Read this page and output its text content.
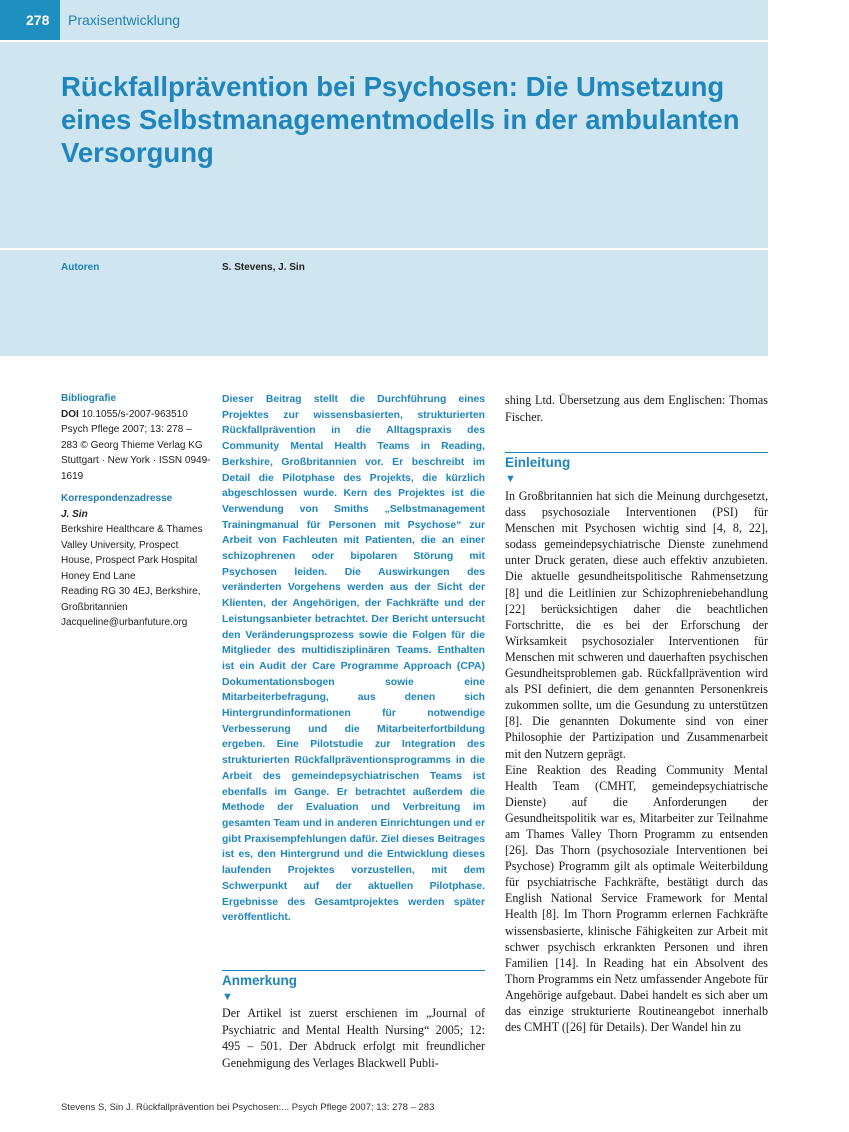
278	Praxisentwicklung
Rückfallprävention bei Psychosen: Die Umsetzung eines Selbstmanagementmodells in der ambulanten Versorgung
Autoren	S. Stevens, J. Sin
Bibliografie
DOI 10.1055/s-2007-963510
Psych Pflege 2007; 13: 278 – 283 © Georg Thieme Verlag KG Stuttgart · New York · ISSN 0949-1619
Korrespondenzadresse
J. Sin
Berkshire Healthcare & Thames Valley University, Prospect House, Prospect Park Hospital
Honey End Lane
Reading RG 30 4EJ, Berkshire, Großbritannien
Jacqueline@urbanfuture.org

Dieser Beitrag stellt die Durchführung eines Projektes zur wissensbasierten, strukturierten Rückfallprävention in die Alltagspraxis des Community Mental Health Teams in Reading, Berkshire, Großbritannien vor. Er beschreibt im Detail die Pilotphase des Projekts, die kürzlich abgeschlossen wurde. Kern des Projektes ist die Verwendung von Smiths „Selbstmanagement Trainingmanual für Personen mit Psychose“ zur Arbeit von Fachleuten mit Patienten, die an einer schizophrenen oder bipolaren Störung mit Psychosen leiden. Die Auswirkungen des veränderten Vorgehens werden aus der Sicht der Klienten, der Angehörigen, der Fachkräfte und der Leistungsanbieter betrachtet. Der Bericht untersucht den Veränderungsprozess sowie die Folgen für die Mitglieder des multidisziplinären Teams. Enthalten ist ein Audit der Care Programme Approach (CPA) Dokumentationsbogen sowie eine Mitarbeiterbefragung, aus denen sich Hintergrundinformationen für notwendige Verbesserung und die Mitarbeiterfortbildung ergeben. Eine Pilotstudie zur Integration des strukturierten Rückfallpräventionsprogramms in die Arbeit des gemeindepsychiatrischen Teams ist ebenfalls im Gange. Er betrachtet außerdem die Methode der Evaluation und Verbreitung im gesamten Team und in anderen Einrichtungen und er gibt Praxisempfehlungen dafür. Ziel dieses Beitrages ist es, den Hintergrund und die Entwicklung dieses laufenden Projektes vorzustellen, mit dem Schwerpunkt auf der aktuellen Pilotphase. Ergebnisse des Gesamtprojektes werden später veröffentlicht.

Anmerkung
▼

Der Artikel ist zuerst erschienen im „Journal of Psychiatric and Mental Health Nursing“ 2005; 12: 495 – 501. Der Abdruck erfolgt mit freundlicher Genehmigung des Verlages Blackwell Publi-

shing Ltd. Übersetzung aus dem Englischen: Thomas Fischer.

Einleitung
▼

In Großbritannien hat sich die Meinung durchgesetzt, dass psychosoziale Interventionen (PSI) für Menschen mit Psychosen wichtig sind [4, 8, 22], sodass gemeindepsychiatrische Dienste zunehmend unter Druck geraten, diese auch effektiv anzubieten. Die aktuelle gesundheitspolitische Rahmensetzung [8] und die Leitlinien zur Schizophreniebehandlung [22] berücksichtigen daher die beachtlichen Fortschritte, die es bei der Erforschung der Wirksamkeit psychosozialer Interventionen für Menschen mit schweren und dauerhaften psychischen Gesundheitsproblemen gab. Rückfallprävention wird als PSI definiert, die dem genannten Personenkreis zukommen sollte, um die Gesundung zu unterstützen [8]. Die genannten Dokumente sind von einer Philosophie der Partizipation und Zusammenarbeit mit den Nutzern geprägt.

Eine Reaktion des Reading Community Mental Health Team (CMHT, gemeindepsychiatrische Dienste) auf die Anforderungen der Gesundheitspolitik war es, Mitarbeiter zur Teilnahme am Thames Valley Thorn Programm zu entsenden [26]. Das Thorn (psychosoziale Interventionen bei Psychose) Programm gilt als optimale Weiterbildung für psychiatrische Fachkräfte, bestätigt durch das English National Service Framework for Mental Health [8]. Im Thorn Programm erlernen Fachkräfte wissensbasierte, klinische Fähigkeiten zur Arbeit mit schwer psychisch erkrankten Personen und ihren Familien [14]. In Reading hat ein Absolvent des Thorn Programms ein Netz umfassender Angebote für Angehörige aufgebaut. Dabei handelt es sich aber um das einzige strukturierte Routineangebot innerhalb des CMHT ([26] für Details). Der Wandel hin zu

Stevens S, Sin J. Rückfallprävention bei Psychosen:... Psych Pflege 2007; 13: 278 – 283
